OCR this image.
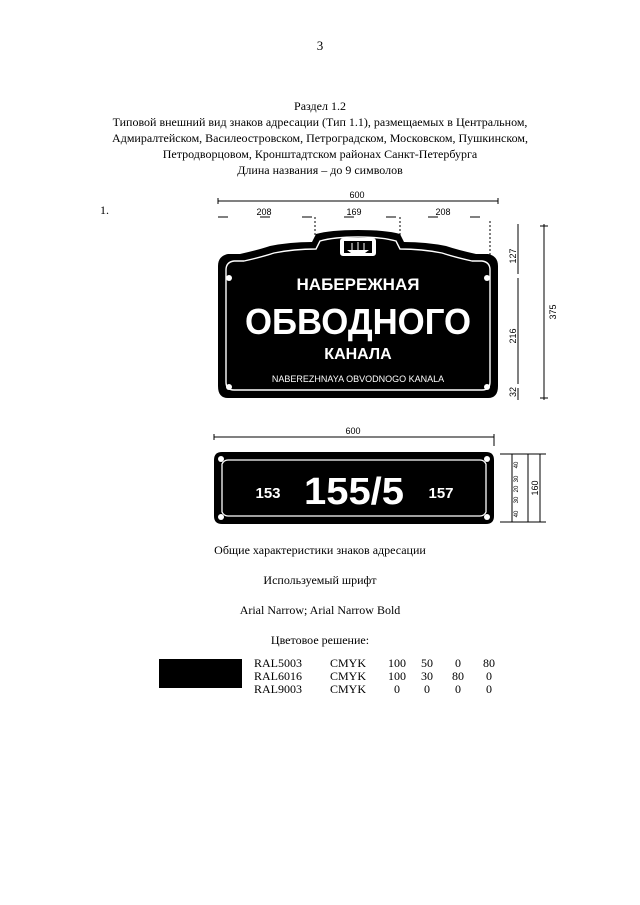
3
Раздел 1.2
Типовой внешний вид знаков адресации (Тип 1.1), размещаемых в Центральном,
Адмиралтейском, Василеостровском, Петроградском, Московском, Пушкинском,
Петродворцовом, Кронштадтском районах Санкт-Петербурга
Длина названия – до 9 символов
1.
600
208	169	208
НАБЕРЕЖНАЯ
ОБВОДНОГО
КАНАЛА
NABEREZHNAYA OBVODNOGO KANALA
127
216
32
375
600
153 155/5 157
40
30
20
30
40
160
Общие характеристики знаков адресации
Используемый шрифт
Arial Narrow; Arial Narrow Bold
Цветовое решение:
RAL5003	CMYK	100	50	0	80
RAL6016	CMYK	100	30	80	0
RAL9003	CMYK	0	0	0	0
